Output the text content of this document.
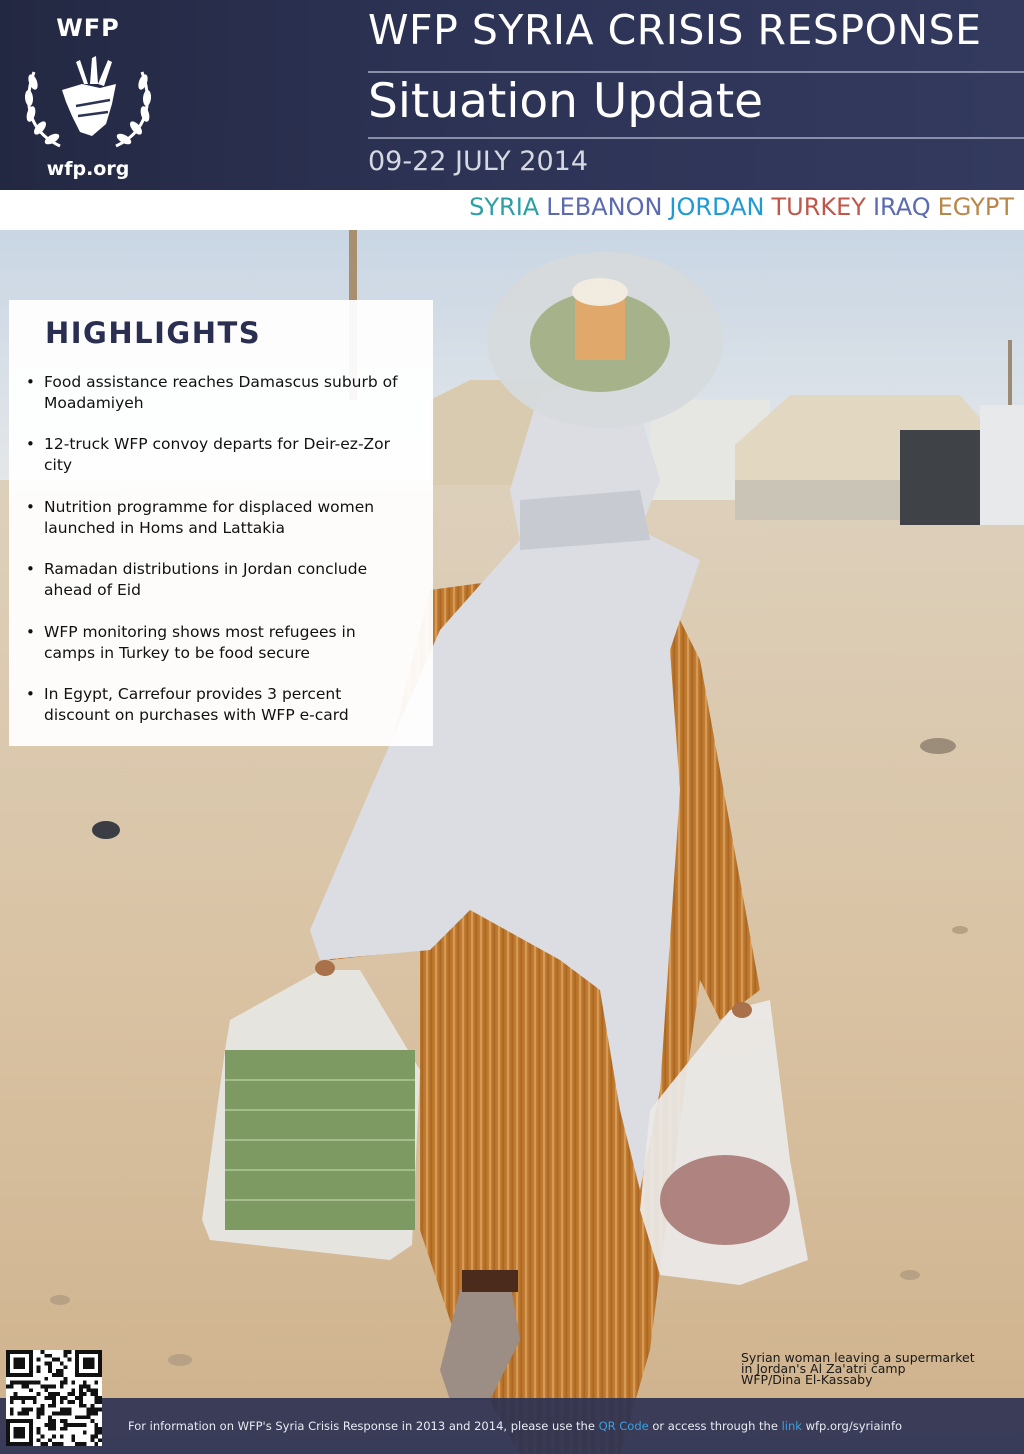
WFP
wfp.org
WFP SYRIA CRISIS RESPONSE
Situation Update
09-22 JULY 2014
SYRIA LEBANON JORDAN TURKEY IRAQ EGYPT
HIGHLIGHTS
• Food assistance reaches Damascus suburb of
Moadamiyeh
• 12-truck WFP convoy departs for Deir-ez-Zor
city
• Nutrition programme for displaced women
launched in Homs and Lattakia
• Ramadan distributions in Jordan conclude
ahead of Eid
• WFP monitoring shows most refugees in
camps in Turkey to be food secure
• In Egypt, Carrefour provides 3 percent
discount on purchases with WFP e-card
Syrian woman leaving a supermarket
in Jordan's Al Za'atri camp
WFP/Dina El-Kassaby
For information on WFP's Syria Crisis Response in 2013 and 2014, please use the QR Code or access through the link wfp.org/syriainfo
